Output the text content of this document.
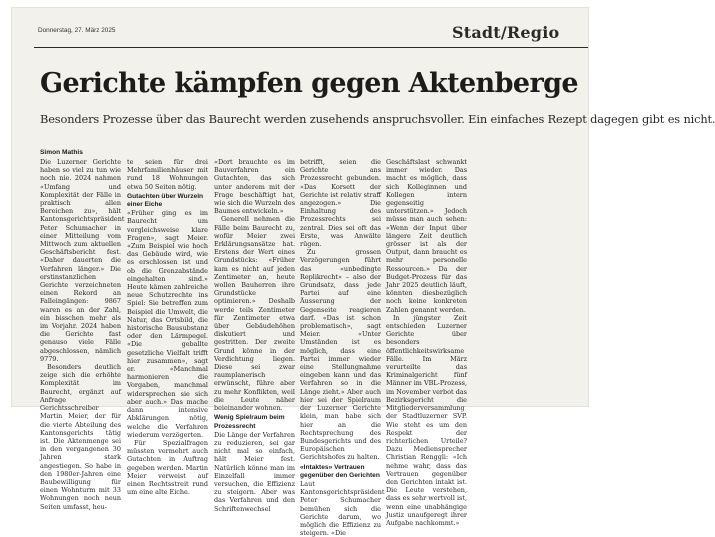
Donnerstag, 27. März 2025	Stadt/Regio
Gerichte kämpfen gegen Aktenberge
Besonders Prozesse über das Baurecht werden zusehends anspruchsvoller. Ein einfaches Rezept dagegen gibt es nicht.
Simon Mathis

Die Luzerner Gerichte haben so viel zu tun wie noch nie. 2024 nahmen «Umfang und Komplexität der Fälle in praktisch allen Bereichen zu», hält Kantonsgerichtspräsident Peter Schumacher in einer Mitteilung vom Mittwoch zum aktuellen Geschäftsbericht fest. «Daher dauerten die Verfahren länger.» Die erstinstanzlichen Gerichte verzeichneten einen Rekord an Falleingängen: 9867 waren es an der Zahl, ein bisschen mehr als im Vorjahr. 2024 haben die Gerichte fast genauso viele Fälle abgeschlossen, nämlich 9779.

Besonders deutlich zeige sich die erhöhte Komplexität im Baurecht, ergänzt auf Anfrage Gerichtsschreiber Martin Meier, der für die vierte Abteilung des Kantonsgerichts tätig ist. Die Aktenmenge sei in den vergangenen 30 Jahren stark angestiegen. So habe in den 1980er-Jahren eine Baubewilligung für einen Wohnturm mit 33 Wohnungen noch neun Seiten umfasst, heu-

te seien für drei Mehrfamilienhäuser mit rund 18 Wohnungen etwa 50 Seiten nötig.

Gutachten über Wurzeln einer Eiche

«Früher ging es im Baurecht um vergleichsweise klare Fragen», sagt Meier. «Zum Beispiel wie hoch das Gebäude wird, wie es erschlossen ist und ob die Grenzabstände eingehalten sind.» Heute kämen zahlreiche neue Schutzrechte ins Spiel: Sie betreffen zum Beispiel die Umwelt, die Natur, das Ortsbild, die historische Bausubstanz oder den Lärmpegel. «Die geballte gesetzliche Vielfalt trifft hier zusammen», sagt er. «Manchmal harmonieren die Vorgaben, manchmal widersprechen sie sich aber auch.» Das mache dann intensive Abklärungen nötig, welche die Verfahren wiederum verzögerten.

Für Spezialfragen müssten vermehrt auch Gutachten in Auftrag gegeben werden. Martin Meier verweist auf einen Rechtsstreit rund um eine alte Eiche.

«Dort brauchte es im Bauverfahren ein Gutachten, das sich unter anderem mit der Frage beschäftigt hat, wie sich die Wurzeln des Baumes entwickeln.»

Generell nehmen die Fälle beim Baurecht zu, wofür Meier zwei Erklärungsansätze hat. Erstens der Wert eines Grundstücks: «Früher kam es nicht auf jeden Zentimeter an, heute wollen Bauherren ihre Grundstücke optimieren.» Deshalb werde teils Zentimeter für Zentimeter etwa über Gebäudehöhen diskutiert und gestritten. Der zweite Grund könne in der Verdichtung liegen. Diese sei zwar raumplanerisch erwünscht, führe aber zu mehr Konflikten, weil die Leute näher beieinander wohnen.

Wenig Spielraum beim Prozessrecht

Die Länge der Verfahren zu reduzieren, sei gar nicht mal so einfach, hält Meier fest. Natürlich könne man im Einzelfall immer versuchen, die Effizienz zu steigern. Aber was das Verfahren und den Schriftenwechsel

betrifft, seien die Gerichte ans Prozessrecht gebunden. «Das Korsett der Gerichte ist relativ straff angezogen.» Die Einhaltung des Prozessrechts sei zentral. Dies sei oft das Erste, was Anwälte rügen.

Zu grossen Verzögerungen führt das «unbedingte Replikrecht» – also der Grundsatz, dass jede Partei auf eine Äusserung der Gegenseite reagieren darf. «Das ist schon problematisch», sagt Meier. «Unter Umständen ist es möglich, dass eine Partei immer wieder eine Stellungnahme eingeben kann und das Verfahren so in die Länge zieht.» Aber auch hier sei der Spielraum der Luzerner Gerichte klein, man habe sich hier an die Rechtsprechung des Bundesgerichts und des Europäischen Gerichtshofes zu halten.

«Intaktes» Vertrauen gegenüber den Gerichten

Laut Kantonsgerichtspräsident Peter Schumacher bemühen sich die Gerichte darum, wo möglich die Effizienz zu steigern. «Die

Geschäftslast schwankt immer wieder. Das macht es möglich, dass sich Kolleginnen und Kollegen intern gegenseitig unterstützen.» Jedoch müsse man auch sehen: «Wenn der Input über längere Zeit deutlich grösser ist als der Output, dann braucht es mehr personelle Ressourcen.» Da der Budget-Prozess für das Jahr 2025 deutlich läuft, könnten diesbezüglich noch keine konkreten Zahlen genannt werden.

In jüngster Zeit entschieden Luzerner Gerichte über besonders öffentlichkeitswirksame Fälle. Im März verurteilte das Kriminalgericht fünf Männer im VBL-Prozess, im November verbot das Bezirksgericht die Mitgliederversammlung der Stadtluzerner SVP. Wie steht es um den Respekt der richterlichen Urteile? Dazu Mediensprecher Christian Renggli: «Ich nehme wahr, dass das Vertrauen gegenüber den Gerichten intakt ist. Die Leute verstehen, dass es sehr wertvoll ist, wenn eine unabhängige Justiz unaufgeregt ihrer Aufgabe nachkommt.»
